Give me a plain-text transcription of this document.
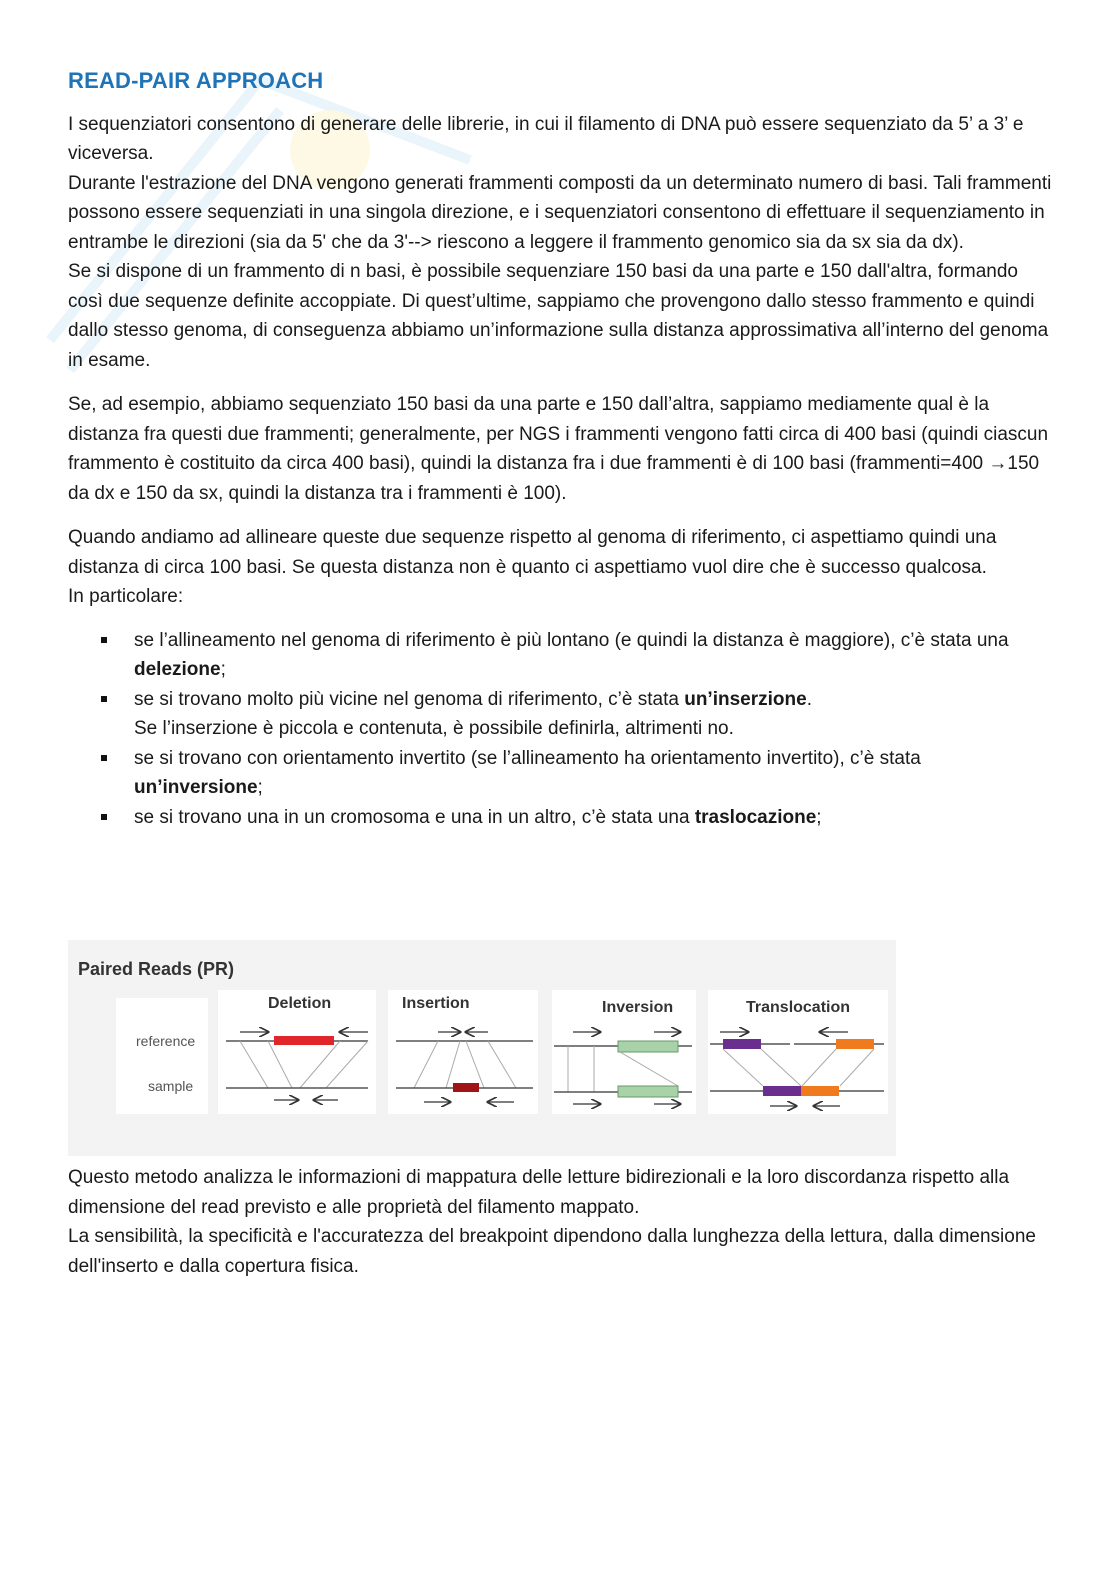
READ-PAIR APPROACH

I sequenziatori consentono di generare delle librerie, in cui il filamento di DNA può essere sequenziato da 5’ a 3’ e viceversa.

Durante l'estrazione del DNA vengono generati frammenti composti da un determinato numero di basi. Tali frammenti possono essere sequenziati in una singola direzione, e i sequenziatori consentono di effettuare il sequenziamento in entrambe le direzioni (sia da 5' che da 3'--> riescono a leggere il frammento genomico sia da sx sia da dx).

Se si dispone di un frammento di n basi, è possibile sequenziare 150 basi da una parte e 150 dall'altra, formando così due sequenze definite accoppiate. Di quest’ultime, sappiamo che provengono dallo stesso frammento e quindi dallo stesso genoma, di conseguenza abbiamo un’informazione sulla distanza approssimativa all’interno del genoma in esame.

Se, ad esempio, abbiamo sequenziato 150 basi da una parte e 150 dall’altra, sappiamo mediamente qual è la distanza fra questi due frammenti; generalmente, per NGS i frammenti vengono fatti circa di 400 basi (quindi ciascun frammento è costituito da circa 400 basi), quindi la distanza fra i due frammenti è di 100 basi (frammenti=400 →150 da dx e 150 da sx, quindi la distanza tra i frammenti è 100).

Quando andiamo ad allineare queste due sequenze rispetto al genoma di riferimento, ci aspettiamo quindi una distanza di circa 100 basi. Se questa distanza non è quanto ci aspettiamo vuol dire che è successo qualcosa.

In particolare:

se l’allineamento nel genoma di riferimento è più lontano (e quindi la distanza è maggiore), c’è stata una delezione;
se si trovano molto più vicine nel genoma di riferimento, c’è stata un’inserzione.
Se l’inserzione è piccola e contenuta, è possibile definirla, altrimenti no.
se si trovano con orientamento invertito (se l’allineamento ha orientamento invertito), c’è stata un’inversione;
se si trovano una in un cromosoma e una in un altro, c’è stata una traslocazione;
Paired Reads (PR)
reference
sample
Deletion	Insertion	Inversion	Translocation

Questo metodo analizza le informazioni di mappatura delle letture bidirezionali e la loro discordanza rispetto alla dimensione del read previsto e alle proprietà del filamento mappato.

La sensibilità, la specificità e l'accuratezza del breakpoint dipendono dalla lunghezza della lettura, dalla dimensione dell'inserto e dalla copertura fisica.
